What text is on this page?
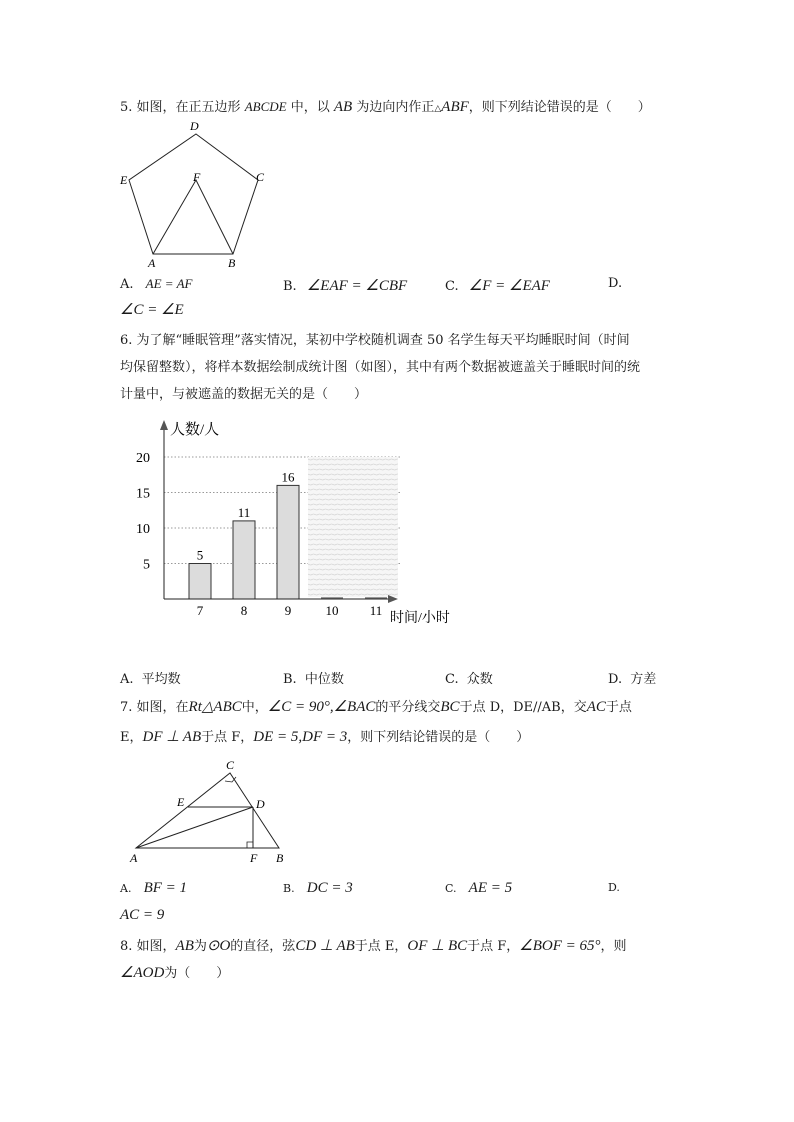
5. 如图，在正五边形 ABCDE 中，以 AB 为边向内作正△ABF，则下列结论错误的是（　　）
D
E	C
F
A	B
A. AE = AF	B. ∠EAF = ∠CBF	C. ∠F = ∠EAF	D.
∠C = ∠E
6. 为了解“睡眠管理”落实情况，某初中学校随机调查 50 名学生每天平均睡眠时间（时间
均保留整数），将样本数据绘制成统计图（如图），其中有两个数据被遮盖关于睡眠时间的统
计量中，与被遮盖的数据无关的是（　　）
5
10
15
20
5
7
11
8
16
9	10 11
人数/人
时间/小时
A. 平均数	B. 中位数	C. 众数	D. 方差
7. 如图，在Rt△ABC中，∠C = 90°,∠BAC的平分线交BC于点 D，DE//AB，交AC于点
E，DF ⊥ AB于点 F，DE = 5,DF = 3，则下列结论错误的是（　　）
C
E	D
A	F B
A. BF = 1	B. DC = 3	C. AE = 5	D.
AC = 9
8. 如图，AB为⊙O的直径，弦CD ⊥ AB于点 E，OF ⊥ BC于点 F，∠BOF = 65°，则
∠AOD为（　　）
